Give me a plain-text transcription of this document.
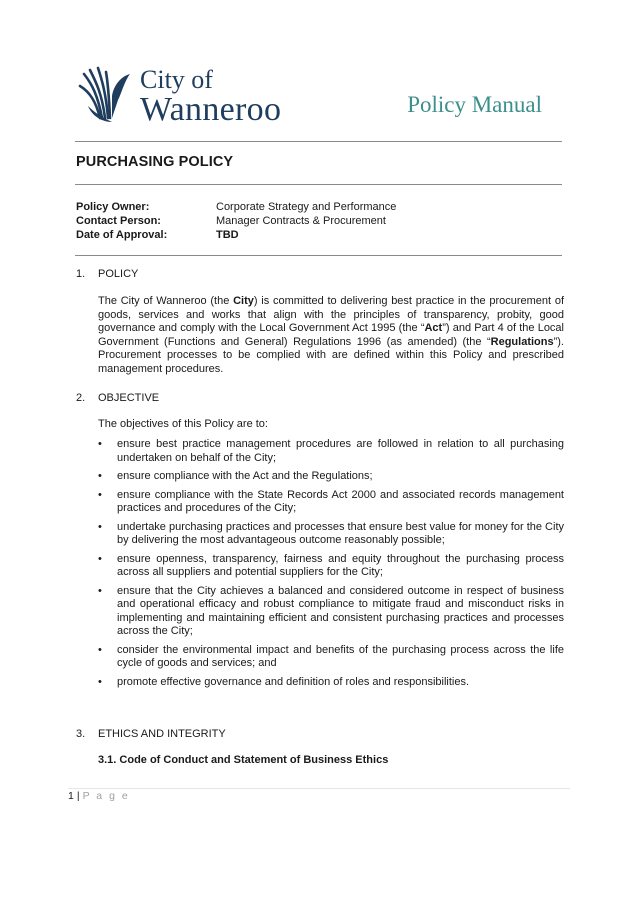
City of
Wanneroo	Policy Manual
PURCHASING POLICY
Policy Owner:	Corporate Strategy and Performance
Contact Person:	Manager Contracts & Procurement
Date of Approval:	TBD
1.	POLICY
The City of Wanneroo (the City) is committed to delivering best practice in the procurement of goods, services and works that align with the principles of transparency, probity, good governance and comply with the Local Government Act 1995 (the “Act”) and Part 4 of the Local Government (Functions and General) Regulations 1996 (as amended) (the “Regulations”). Procurement processes to be complied with are defined within this Policy and prescribed management procedures.
2.	OBJECTIVE
The objectives of this Policy are to:
• ensure best practice management procedures are followed in relation to all purchasing undertaken on behalf of the City;
• ensure compliance with the Act and the Regulations;
• ensure compliance with the State Records Act 2000 and associated records management practices and procedures of the City;
• undertake purchasing practices and processes that ensure best value for money for the City by delivering the most advantageous outcome reasonably possible;
• ensure openness, transparency, fairness and equity throughout the purchasing process across all suppliers and potential suppliers for the City;
• ensure that the City achieves a balanced and considered outcome in respect of business and operational efficacy and robust compliance to mitigate fraud and misconduct risks in implementing and maintaining efficient and consistent purchasing practices and processes across the City;
• consider the environmental impact and benefits of the purchasing process across the life cycle of goods and services; and
• promote effective governance and definition of roles and responsibilities.
3.	ETHICS AND INTEGRITY
3.1. Code of Conduct and Statement of Business Ethics
1 | P a g e
